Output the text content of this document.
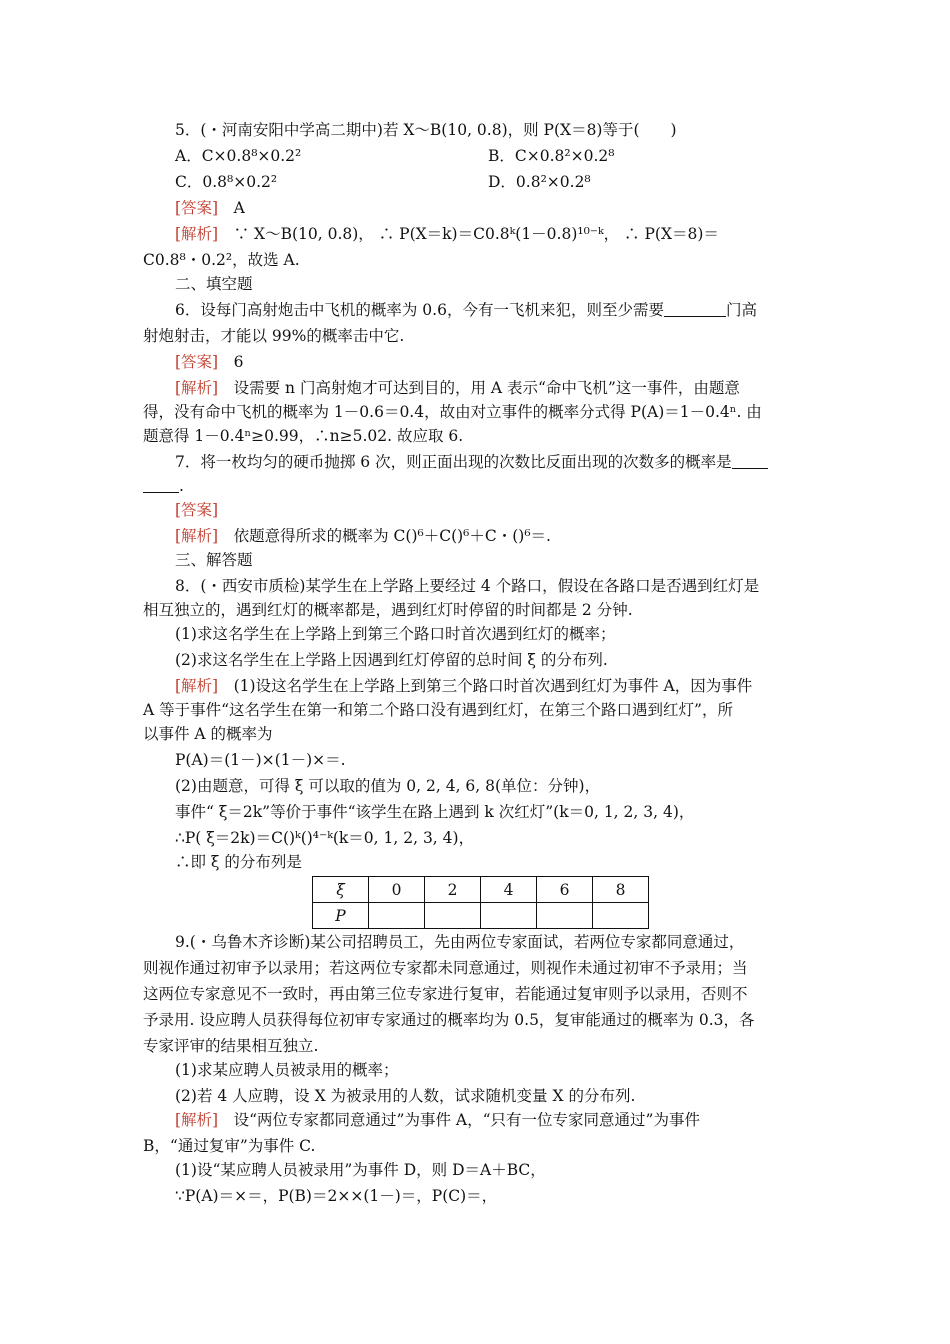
5．(・河南安阳中学高二期中)若 X～B(10, 0.8)，则 P(X＝8)等于(　　)
A．C×0.8⁸×0.2²	B．C×0.8²×0.2⁸
C．0.8⁸×0.2²	D．0.8²×0.2⁸
[答案]　 A
[解析]　 ∵ X～B(10, 0.8)， ∴ P(X＝k)＝C0.8ᵏ(1－0.8)¹⁰⁻ᵏ， ∴ P(X＝8)＝
C0.8⁸・0.2²，故选 A.
二、填空题
6．设每门高射炮击中飞机的概率为 0.6，今有一飞机来犯，则至少需要	门高
射炮射击，才能以 99%的概率击中它.
[答案]　 6
[解析]　 设需要 n 门高射炮才可达到目的，用 A 表示“命中飞机”这一事件，由题意
得，没有命中飞机的概率为 1－0.6＝0.4，故由对立事件的概率分式得 P(A)＝1－0.4ⁿ. 由
题意得 1－0.4ⁿ≥0.99，∴n≥5.02. 故应取 6.
7．将一枚均匀的硬币抛掷 6 次，则正面出现的次数比反面出现的次数多的概率是
.
[答案]
[解析]　 依题意得所求的概率为 C()⁶＋C()⁶＋C・()⁶＝.
三、解答题
8．(・西安市质检)某学生在上学路上要经过 4 个路口，假设在各路口是否遇到红灯是
相互独立的，遇到红灯的概率都是，遇到红灯时停留的时间都是 2 分钟.
(1)求这名学生在上学路上到第三个路口时首次遇到红灯的概率；
(2)求这名学生在上学路上因遇到红灯停留的总时间 ξ 的分布列.
[解析]　 (1)设这名学生在上学路上到第三个路口时首次遇到红灯为事件 A，因为事件
A 等于事件“这名学生在第一和第二个路口没有遇到红灯，在第三个路口遇到红灯”，所
以事件 A 的概率为
P(A)＝(1－)×(1－)×＝.
(2)由题意，可得 ξ 可以取的值为 0, 2, 4, 6, 8(单位：分钟)，
事件“ ξ＝2k”等价于事件“该学生在路上遇到 k 次红灯”(k＝0, 1, 2, 3, 4)，
∴P( ξ＝2k)＝C()ᵏ()⁴⁻ᵏ(k＝0, 1, 2, 3, 4)，
∴即 ξ 的分布列是
ξ	0	2	4	6	8
P					
9.(・乌鲁木齐诊断)某公司招聘员工，先由两位专家面试，若两位专家都同意通过，
则视作通过初审予以录用；若这两位专家都未同意通过，则视作未通过初审不予录用；当
这两位专家意见不一致时，再由第三位专家进行复审，若能通过复审则予以录用，否则不
予录用. 设应聘人员获得每位初审专家通过的概率均为 0.5，复审能通过的概率为 0.3，各
专家评审的结果相互独立.
(1)求某应聘人员被录用的概率；
(2)若 4 人应聘，设 X 为被录用的人数，试求随机变量 X 的分布列.
[解析]　 设“两位专家都同意通过”为事件 A，“只有一位专家同意通过”为事件
B，“通过复审”为事件 C.
(1)设“某应聘人员被录用”为事件 D，则 D＝A＋BC，
∵P(A)＝×＝，P(B)＝2××(1－)＝，P(C)＝，
